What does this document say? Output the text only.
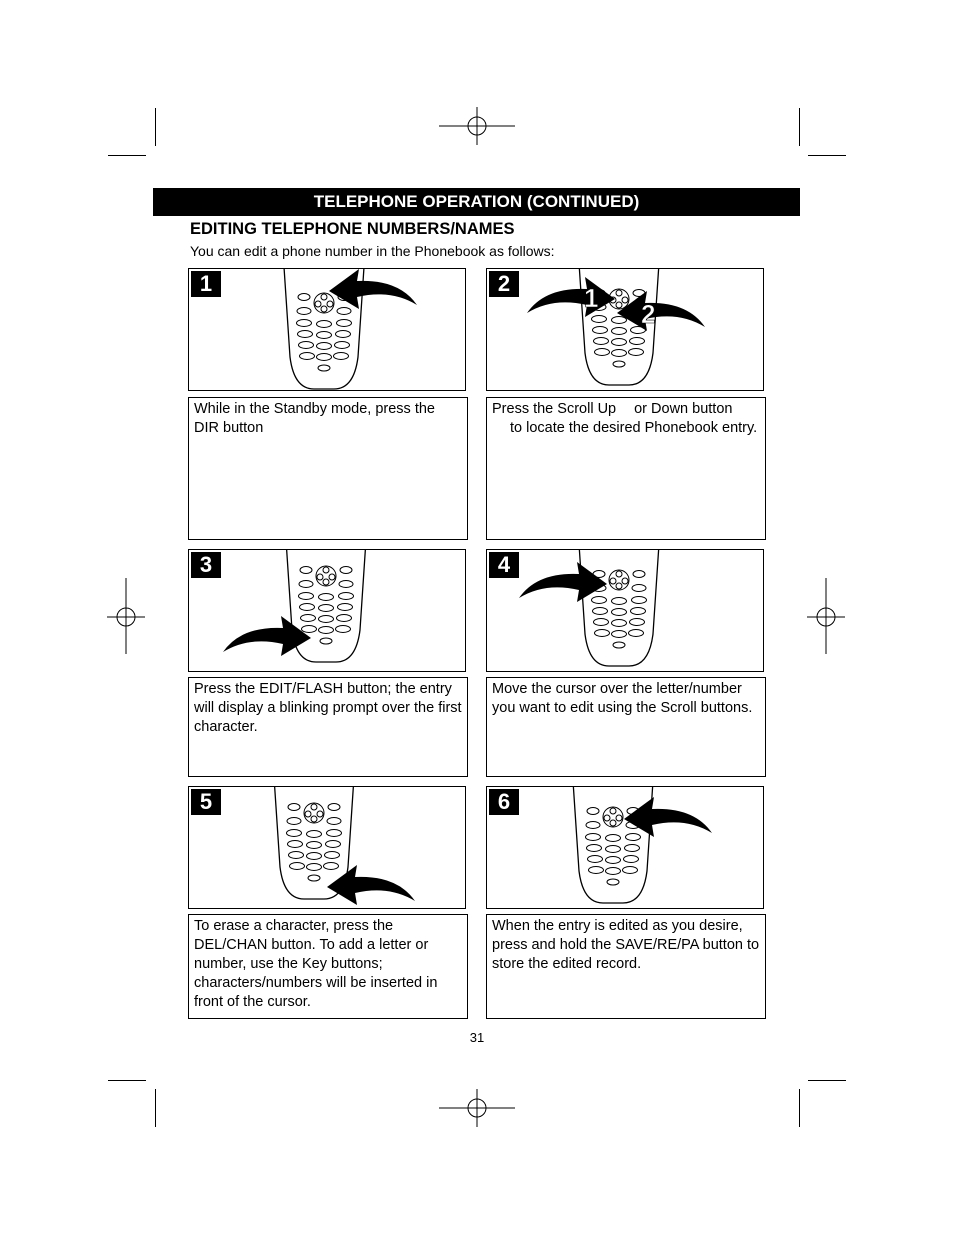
TELEPHONE OPERATION (CONTINUED)
EDITING TELEPHONE NUMBERS/NAMES
You can edit a phone number in the Phonebook as follows:
1
While in the Standby mode, press the DIR button
2	1
2
Press the Scroll Up or Down button
to locate the desired Phonebook entry.
3
Press the EDIT/FLASH button; the entry will display a blinking prompt over the first character.
4
Move the cursor over the letter/number you want to edit using the Scroll buttons.
5
To erase a character, press the DEL/CHAN button. To add a letter or number, use the Key buttons; characters/numbers will be inserted in front of the cursor.
6
When the entry is edited as you desire, press and hold the SAVE/RE/PA button to store the edited record.
31
